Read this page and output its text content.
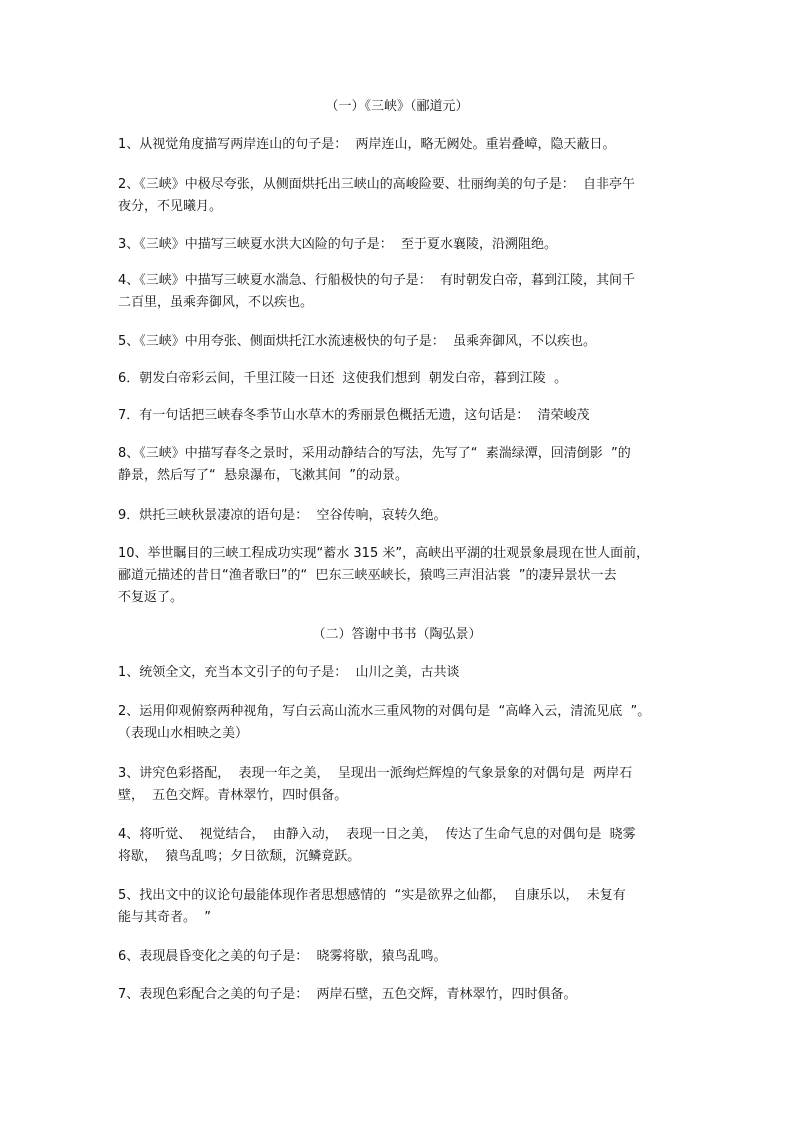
（一）《三峡》（郦道元）
1、从视觉角度描写两岸连山的句子是：  两岸连山，略无阙处。重岩叠嶂，隐天蔽日。
2、《三峡》中极尽夸张，从侧面烘托出三峡山的高峻险要、壮丽绚美的句子是：  自非亭午
夜分，不见曦月。
3、《三峡》中描写三峡夏水洪大凶险的句子是：  至于夏水襄陵，沿溯阻绝。
4、《三峡》中描写三峡夏水湍急、行船极快的句子是：  有时朝发白帝，暮到江陵，其间千
二百里，虽乘奔御风，不以疾也。
5、《三峡》中用夸张、侧面烘托江水流速极快的句子是：  虽乘奔御风，不以疾也。
6．朝发白帝彩云间，千里江陵一日还  这使我们想到  朝发白帝，暮到江陵  。
7．有一句话把三峡春冬季节山水草木的秀丽景色概括无遗，这句话是：  清荣峻茂
8、《三峡》中描写春冬之景时，采用动静结合的写法，先写了“  素湍绿潭，回清倒影  ”的
静景，然后写了“  悬泉瀑布，飞漱其间  ”的动景。
9．烘托三峡秋景凄凉的语句是：  空谷传响，哀转久绝。
10、举世瞩目的三峡工程成功实现“蓄水 315 米”，高峡出平湖的壮观景象晨现在世人面前，
郦道元描述的昔日“渔者歌曰”的“  巴东三峡巫峡长，猿鸣三声泪沾裳  ”的凄异景状一去
不复返了。
（二）答谢中书书（陶弘景）
1、统领全文，充当本文引子的句子是：  山川之美，古共谈
2、运用仰观俯察两种视角，写白云高山流水三重风物的对偶句是  “高峰入云，清流见底  ”。
（表现山水相映之美）
3、讲究色彩搭配，  表现一年之美，  呈现出一派绚烂辉煌的气象景象的对偶句是  两岸石
壁，  五色交辉。青林翠竹，四时俱备。
4、将听觉、  视觉结合，  由静入动，  表现一日之美，  传达了生命气息的对偶句是  晓雾
将歇，  猿鸟乱鸣；夕日欲颓，沉鳞竟跃。
5、找出文中的议论句最能体现作者思想感情的  “实是欲界之仙都，  自康乐以，  未复有
能与其奇者。  ”
6、表现晨昏变化之美的句子是：  晓雾将歇，猿鸟乱鸣。
7、表现色彩配合之美的句子是：  两岸石壁，五色交辉，青林翠竹，四时俱备。
